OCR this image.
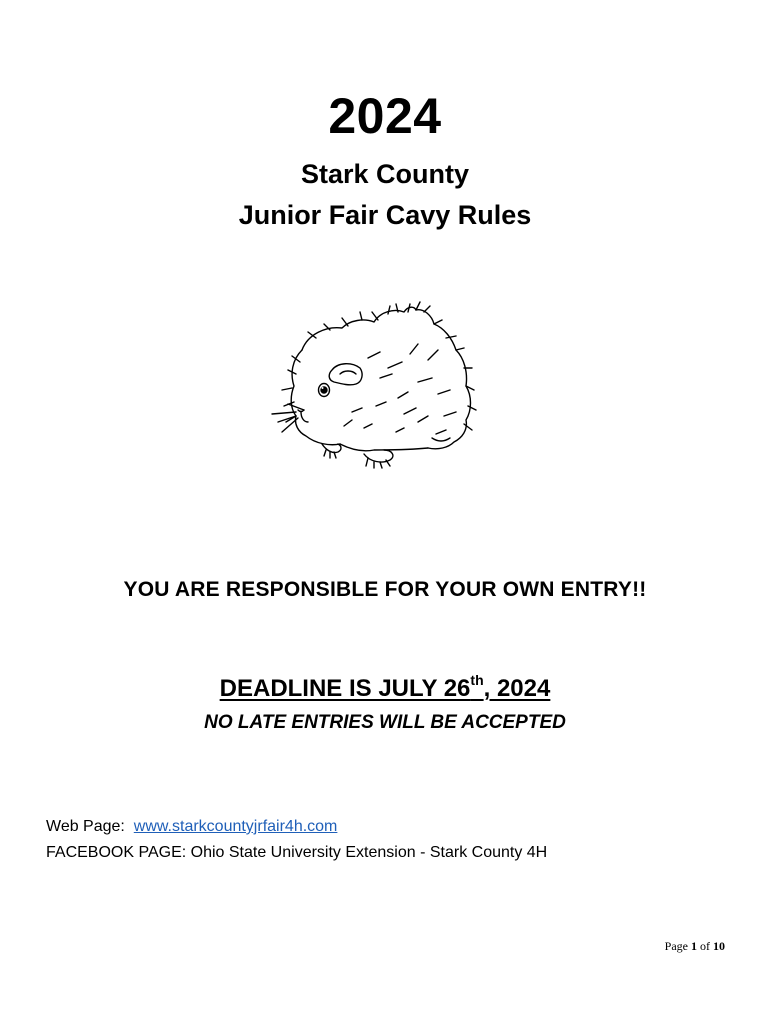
2024
Stark County
Junior Fair Cavy Rules
YOU ARE RESPONSIBLE FOR YOUR OWN ENTRY!!
DEADLINE IS JULY 26th, 2024
NO LATE ENTRIES WILL BE ACCEPTED
Web Page: www.starkcountyjrfair4h.com
FACEBOOK PAGE: Ohio State University Extension - Stark County 4H
Page 1 of 10
